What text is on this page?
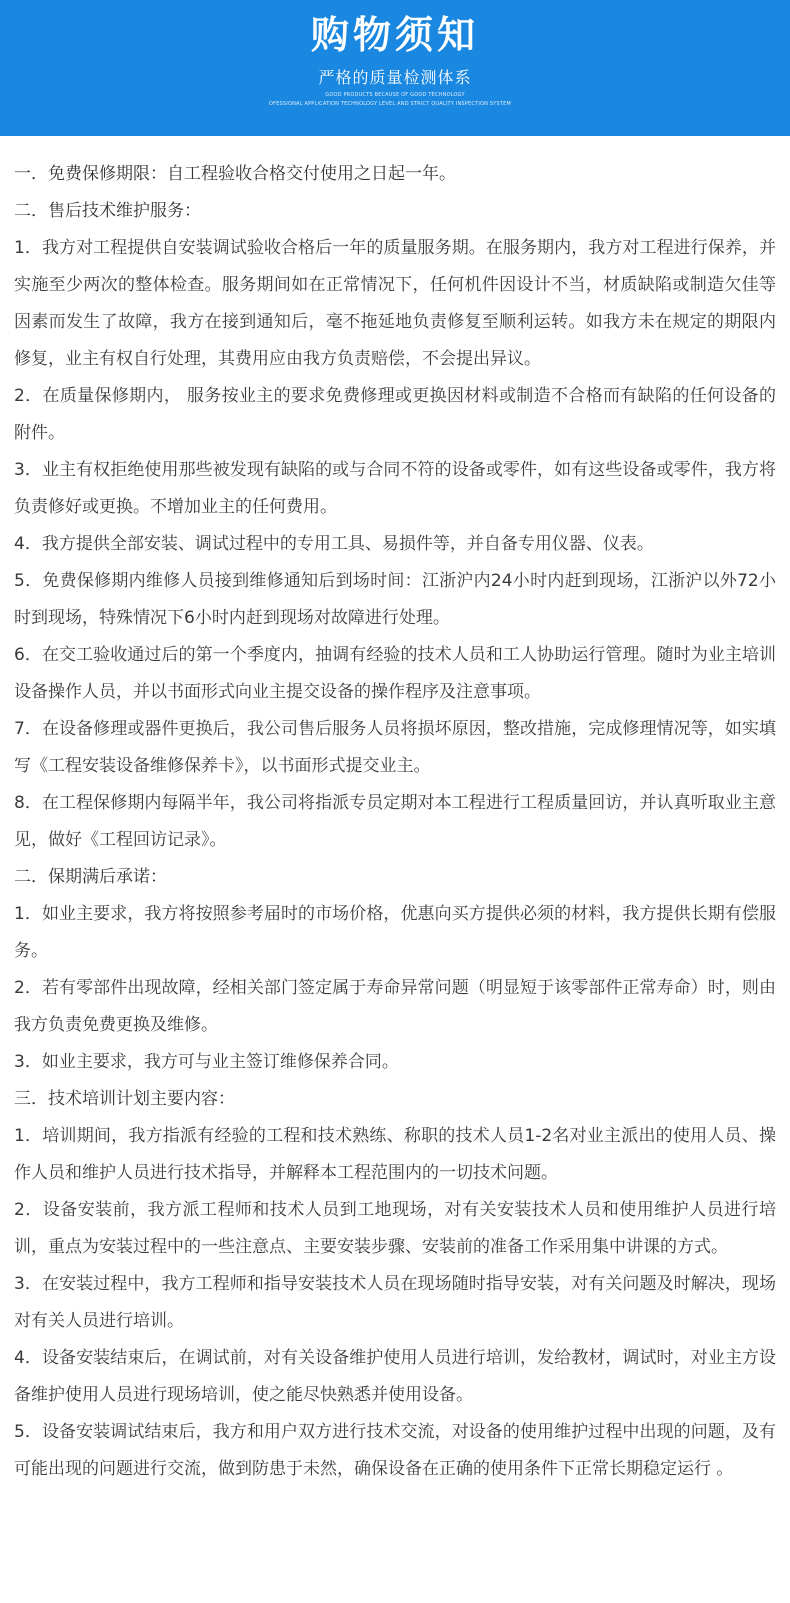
购物须知
严格的质量检测体系
GOOD PRODUCTS BECAUSE OF GOOD TECHNOLOGY
OFESSIONAL APPLICATION TECHNOLOGY LEVEL AND STRICT QUALITY INSPECTION SYSTEM

一．免费保修期限：自工程验收合格交付使用之日起一年。

二．售后技术维护服务：

1．我方对工程提供自安装调试验收合格后一年的质量服务期。在服务期内，我方对工程进行保养，并实施至少两次的整体检查。服务期间如在正常情况下，任何机件因设计不当，材质缺陷或制造欠佳等因素而发生了故障，我方在接到通知后，毫不拖延地负责修复至顺利运转。如我方未在规定的期限内修复，业主有权自行处理，其费用应由我方负责赔偿，不会提出异议。

2．在质量保修期内， 服务按业主的要求免费修理或更换因材料或制造不合格而有缺陷的任何设备的附件。

3．业主有权拒绝使用那些被发现有缺陷的或与合同不符的设备或零件，如有这些设备或零件，我方将负责修好或更换。不增加业主的任何费用。

4．我方提供全部安装、调试过程中的专用工具、易损件等，并自备专用仪器、仪表。

5．免费保修期内维修人员接到维修通知后到场时间：江浙沪内24小时内赶到现场，江浙沪以外72小时到现场，特殊情况下6小时内赶到现场对故障进行处理。

6．在交工验收通过后的第一个季度内，抽调有经验的技术人员和工人协助运行管理。随时为业主培训设备操作人员，并以书面形式向业主提交设备的操作程序及注意事项。

7．在设备修理或器件更换后，我公司售后服务人员将损坏原因，整改措施，完成修理情况等，如实填写《工程安装设备维修保养卡》，以书面形式提交业主。

8．在工程保修期内每隔半年，我公司将指派专员定期对本工程进行工程质量回访，并认真听取业主意见，做好《工程回访记录》。

二．保期满后承诺：

1．如业主要求，我方将按照参考届时的市场价格，优惠向买方提供必须的材料，我方提供长期有偿服务。

2．若有零部件出现故障，经相关部门签定属于寿命异常问题（明显短于该零部件正常寿命）时，则由我方负责免费更换及维修。

3．如业主要求，我方可与业主签订维修保养合同。

三．技术培训计划主要内容：

1．培训期间，我方指派有经验的工程和技术熟练、称职的技术人员1-2名对业主派出的使用人员、操作人员和维护人员进行技术指导，并解释本工程范围内的一切技术问题。

2．设备安装前，我方派工程师和技术人员到工地现场，对有关安装技术人员和使用维护人员进行培训，重点为安装过程中的一些注意点、主要安装步骤、安装前的准备工作采用集中讲课的方式。

3．在安装过程中，我方工程师和指导安装技术人员在现场随时指导安装，对有关问题及时解决，现场对有关人员进行培训。

4．设备安装结束后，在调试前，对有关设备维护使用人员进行培训，发给教材，调试时，对业主方设备维护使用人员进行现场培训，使之能尽快熟悉并使用设备。

5．设备安装调试结束后，我方和用户双方进行技术交流，对设备的使用维护过程中出现的问题，及有可能出现的问题进行交流，做到防患于未然，确保设备在正确的使用条件下正常长期稳定运行 。
